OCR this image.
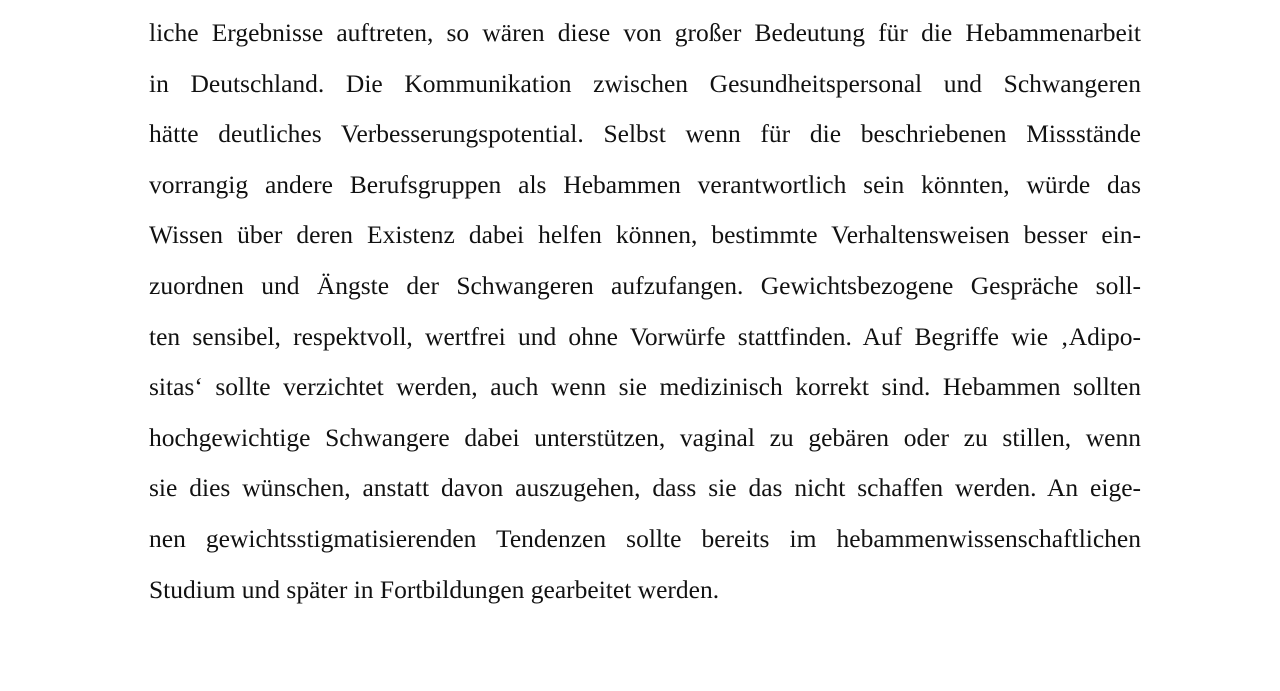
liche Ergebnisse auftreten, so wären diese von großer Bedeutung für die Hebammenarbeit
in Deutschland. Die Kommunikation zwischen Gesundheitspersonal und Schwangeren
hätte deutliches Verbesserungspotential. Selbst wenn für die beschriebenen Missstände
vorrangig andere Berufsgruppen als Hebammen verantwortlich sein könnten, würde das
Wissen über deren Existenz dabei helfen können, bestimmte Verhaltensweisen besser ein-
zuordnen und Ängste der Schwangeren aufzufangen. Gewichtsbezogene Gespräche soll-
ten sensibel, respektvoll, wertfrei und ohne Vorwürfe stattfinden. Auf Begriffe wie ‚Adipo-
sitas‘ sollte verzichtet werden, auch wenn sie medizinisch korrekt sind. Hebammen sollten
hochgewichtige Schwangere dabei unterstützen, vaginal zu gebären oder zu stillen, wenn
sie dies wünschen, anstatt davon auszugehen, dass sie das nicht schaffen werden. An eige-
nen gewichtsstigmatisierenden Tendenzen sollte bereits im hebammenwissenschaftlichen
Studium und später in Fortbildungen gearbeitet werden.
